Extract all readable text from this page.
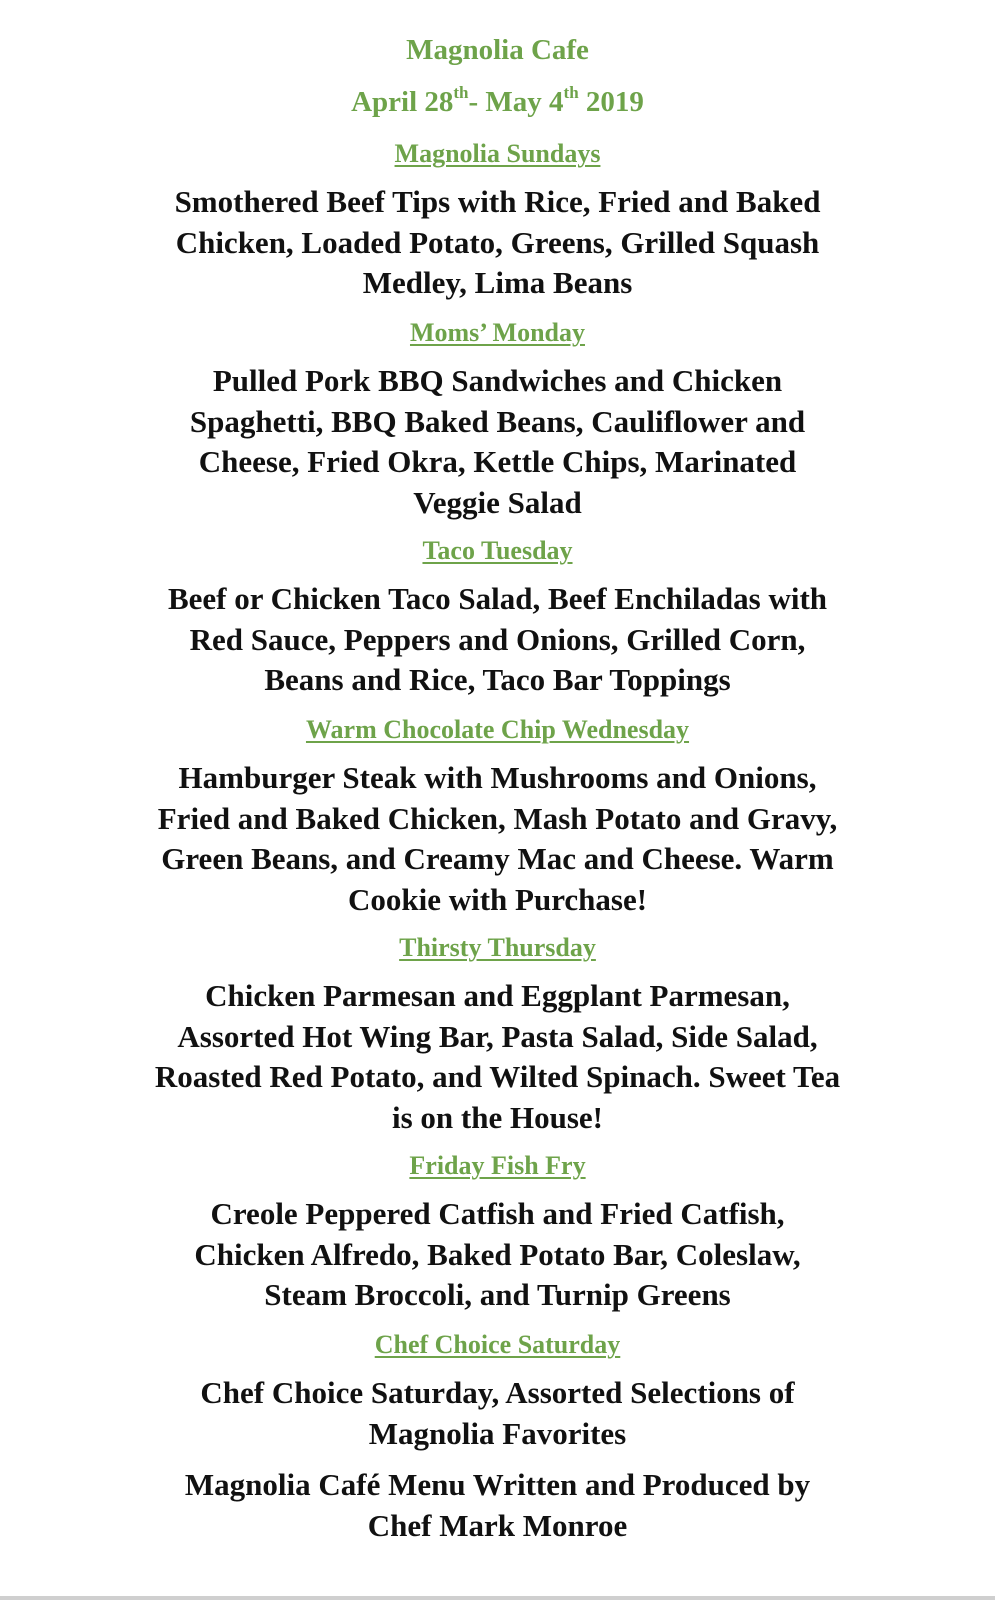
Magnolia Cafe
April 28th- May 4th 2019
Magnolia Sundays
Smothered Beef Tips with Rice, Fried and Baked
Chicken, Loaded Potato, Greens, Grilled Squash
Medley, Lima Beans
Moms’ Monday
Pulled Pork BBQ Sandwiches and Chicken
Spaghetti, BBQ Baked Beans, Cauliflower and
Cheese, Fried Okra, Kettle Chips, Marinated
Veggie Salad
Taco Tuesday
Beef or Chicken Taco Salad, Beef Enchiladas with
Red Sauce, Peppers and Onions, Grilled Corn,
Beans and Rice, Taco Bar Toppings
Warm Chocolate Chip Wednesday
Hamburger Steak with Mushrooms and Onions,
Fried and Baked Chicken, Mash Potato and Gravy,
Green Beans, and Creamy Mac and Cheese. Warm
Cookie with Purchase!
Thirsty Thursday
Chicken Parmesan and Eggplant Parmesan,
Assorted Hot Wing Bar, Pasta Salad, Side Salad,
Roasted Red Potato, and Wilted Spinach. Sweet Tea
is on the House!
Friday Fish Fry
Creole Peppered Catfish and Fried Catfish,
Chicken Alfredo, Baked Potato Bar, Coleslaw,
Steam Broccoli, and Turnip Greens
Chef Choice Saturday
Chef Choice Saturday, Assorted Selections of
Magnolia Favorites
Magnolia Café Menu Written and Produced by
Chef Mark Monroe
